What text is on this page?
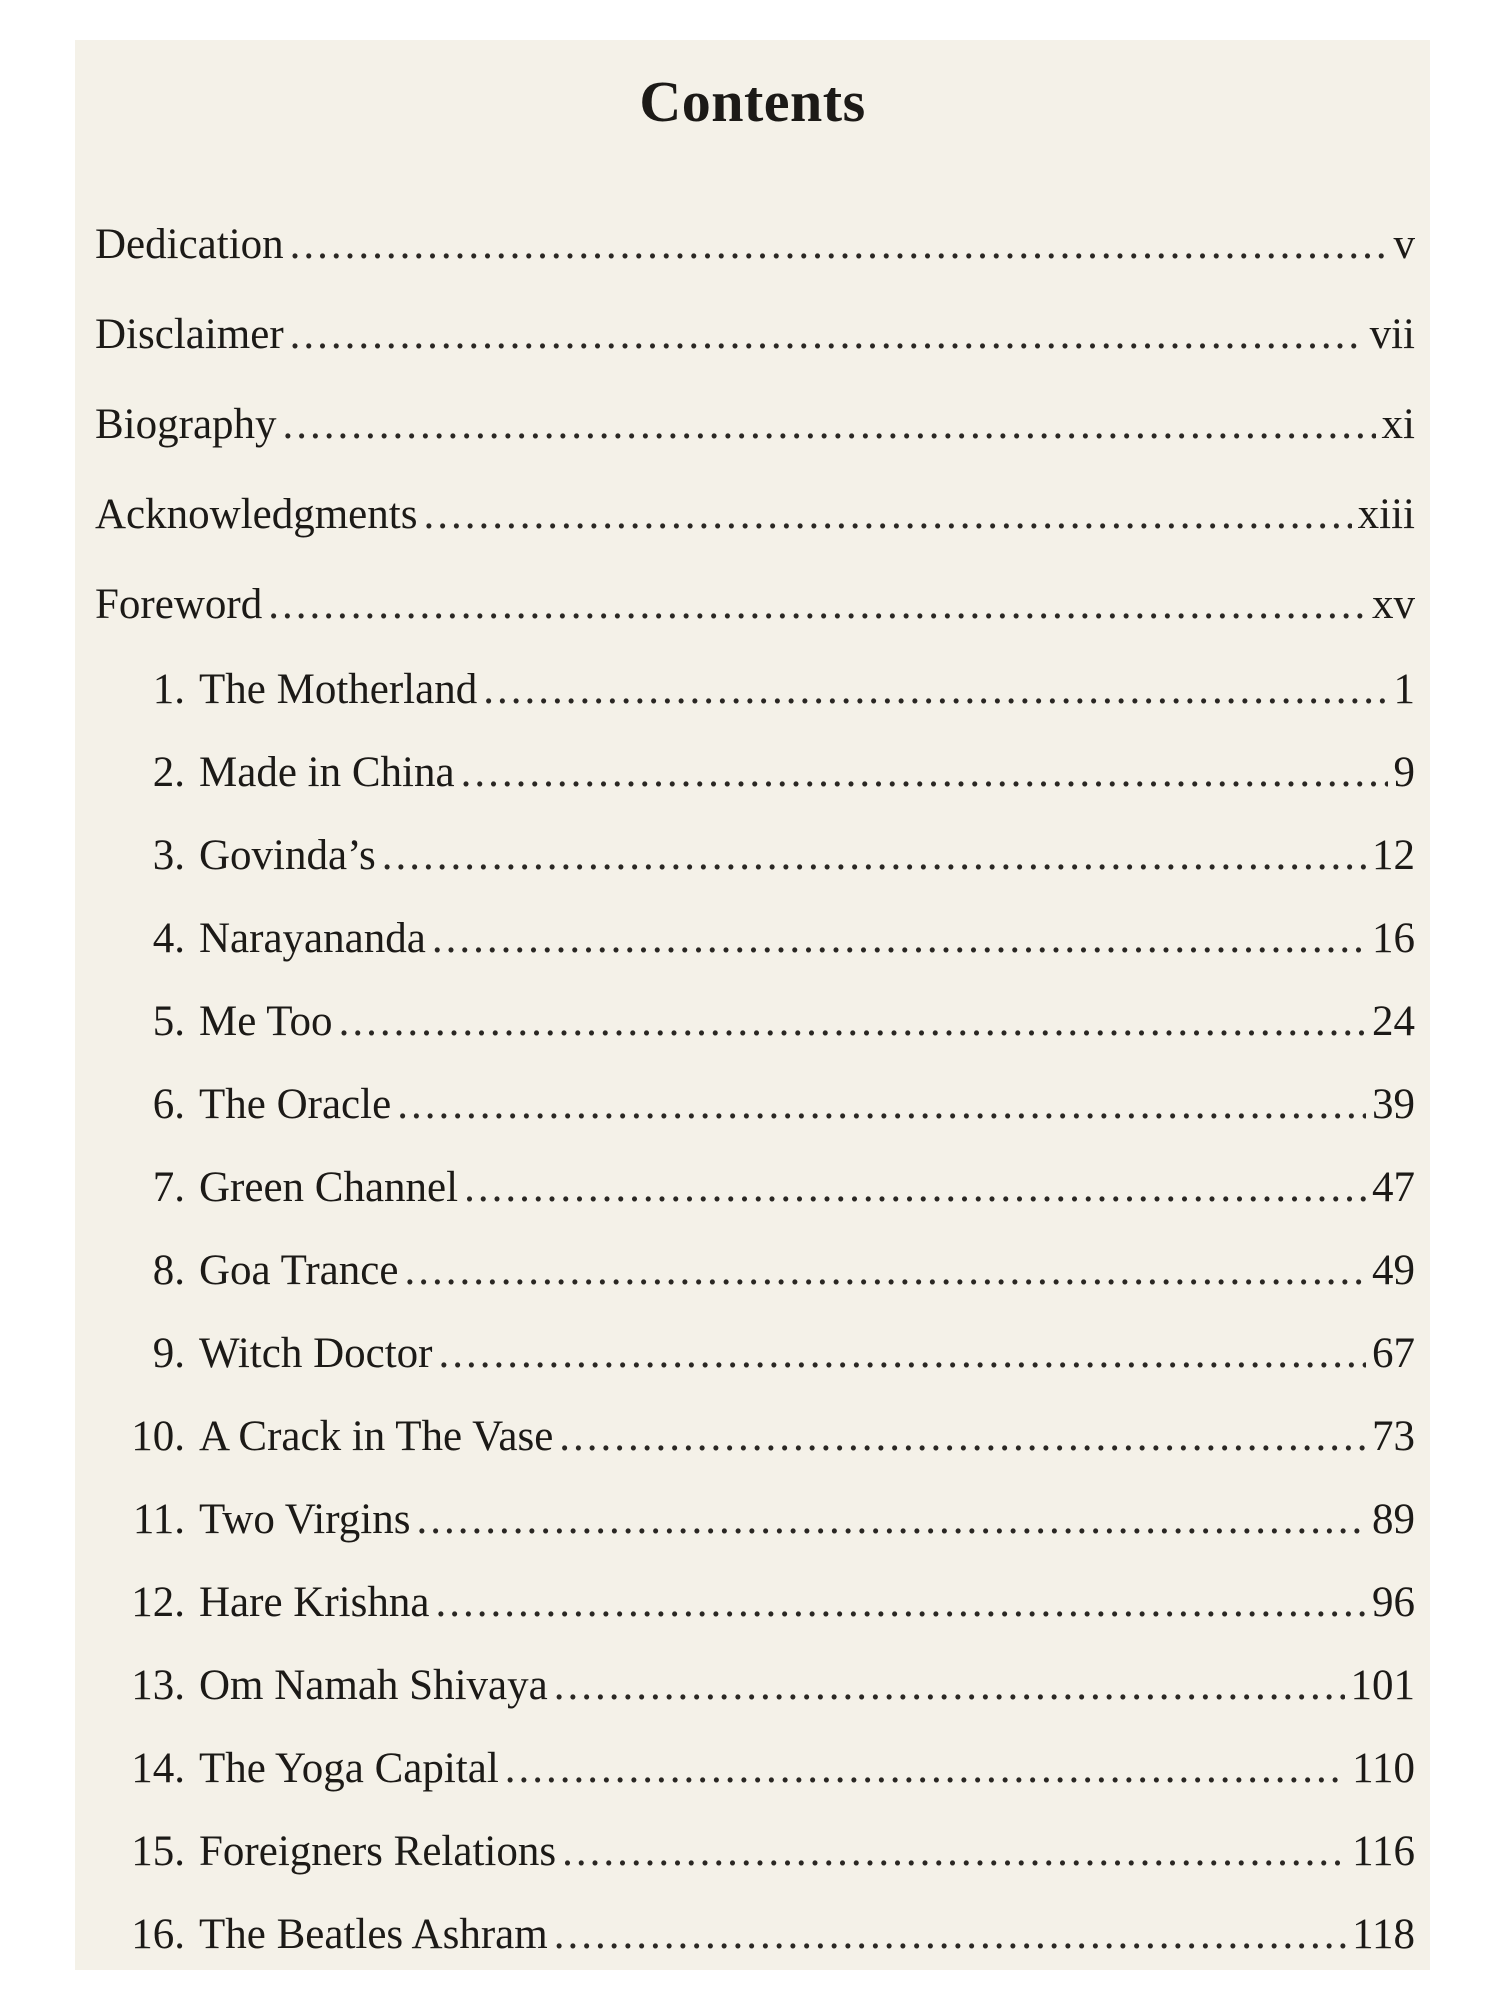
Contents
Dedication .....	v
Disclaimer .....	vii
Biography .....	xi
Acknowledgments .....	xiii
Foreword .....	xv
1. The Motherland .....	1
2. Made in China .....	9
3. Govinda’s .....	12
4. Narayananda .....	16
5. Me Too .....	24
6. The Oracle .....	39
7. Green Channel .....	47
8. Goa Trance .....	49
9. Witch Doctor .....	67
10. A Crack in The Vase .....	73
11. Two Virgins .....	89
12. Hare Krishna .....	96
13. Om Namah Shivaya .....	101
14. The Yoga Capital .....	110
15. Foreigners Relations .....	116
16. The Beatles Ashram .....	118
